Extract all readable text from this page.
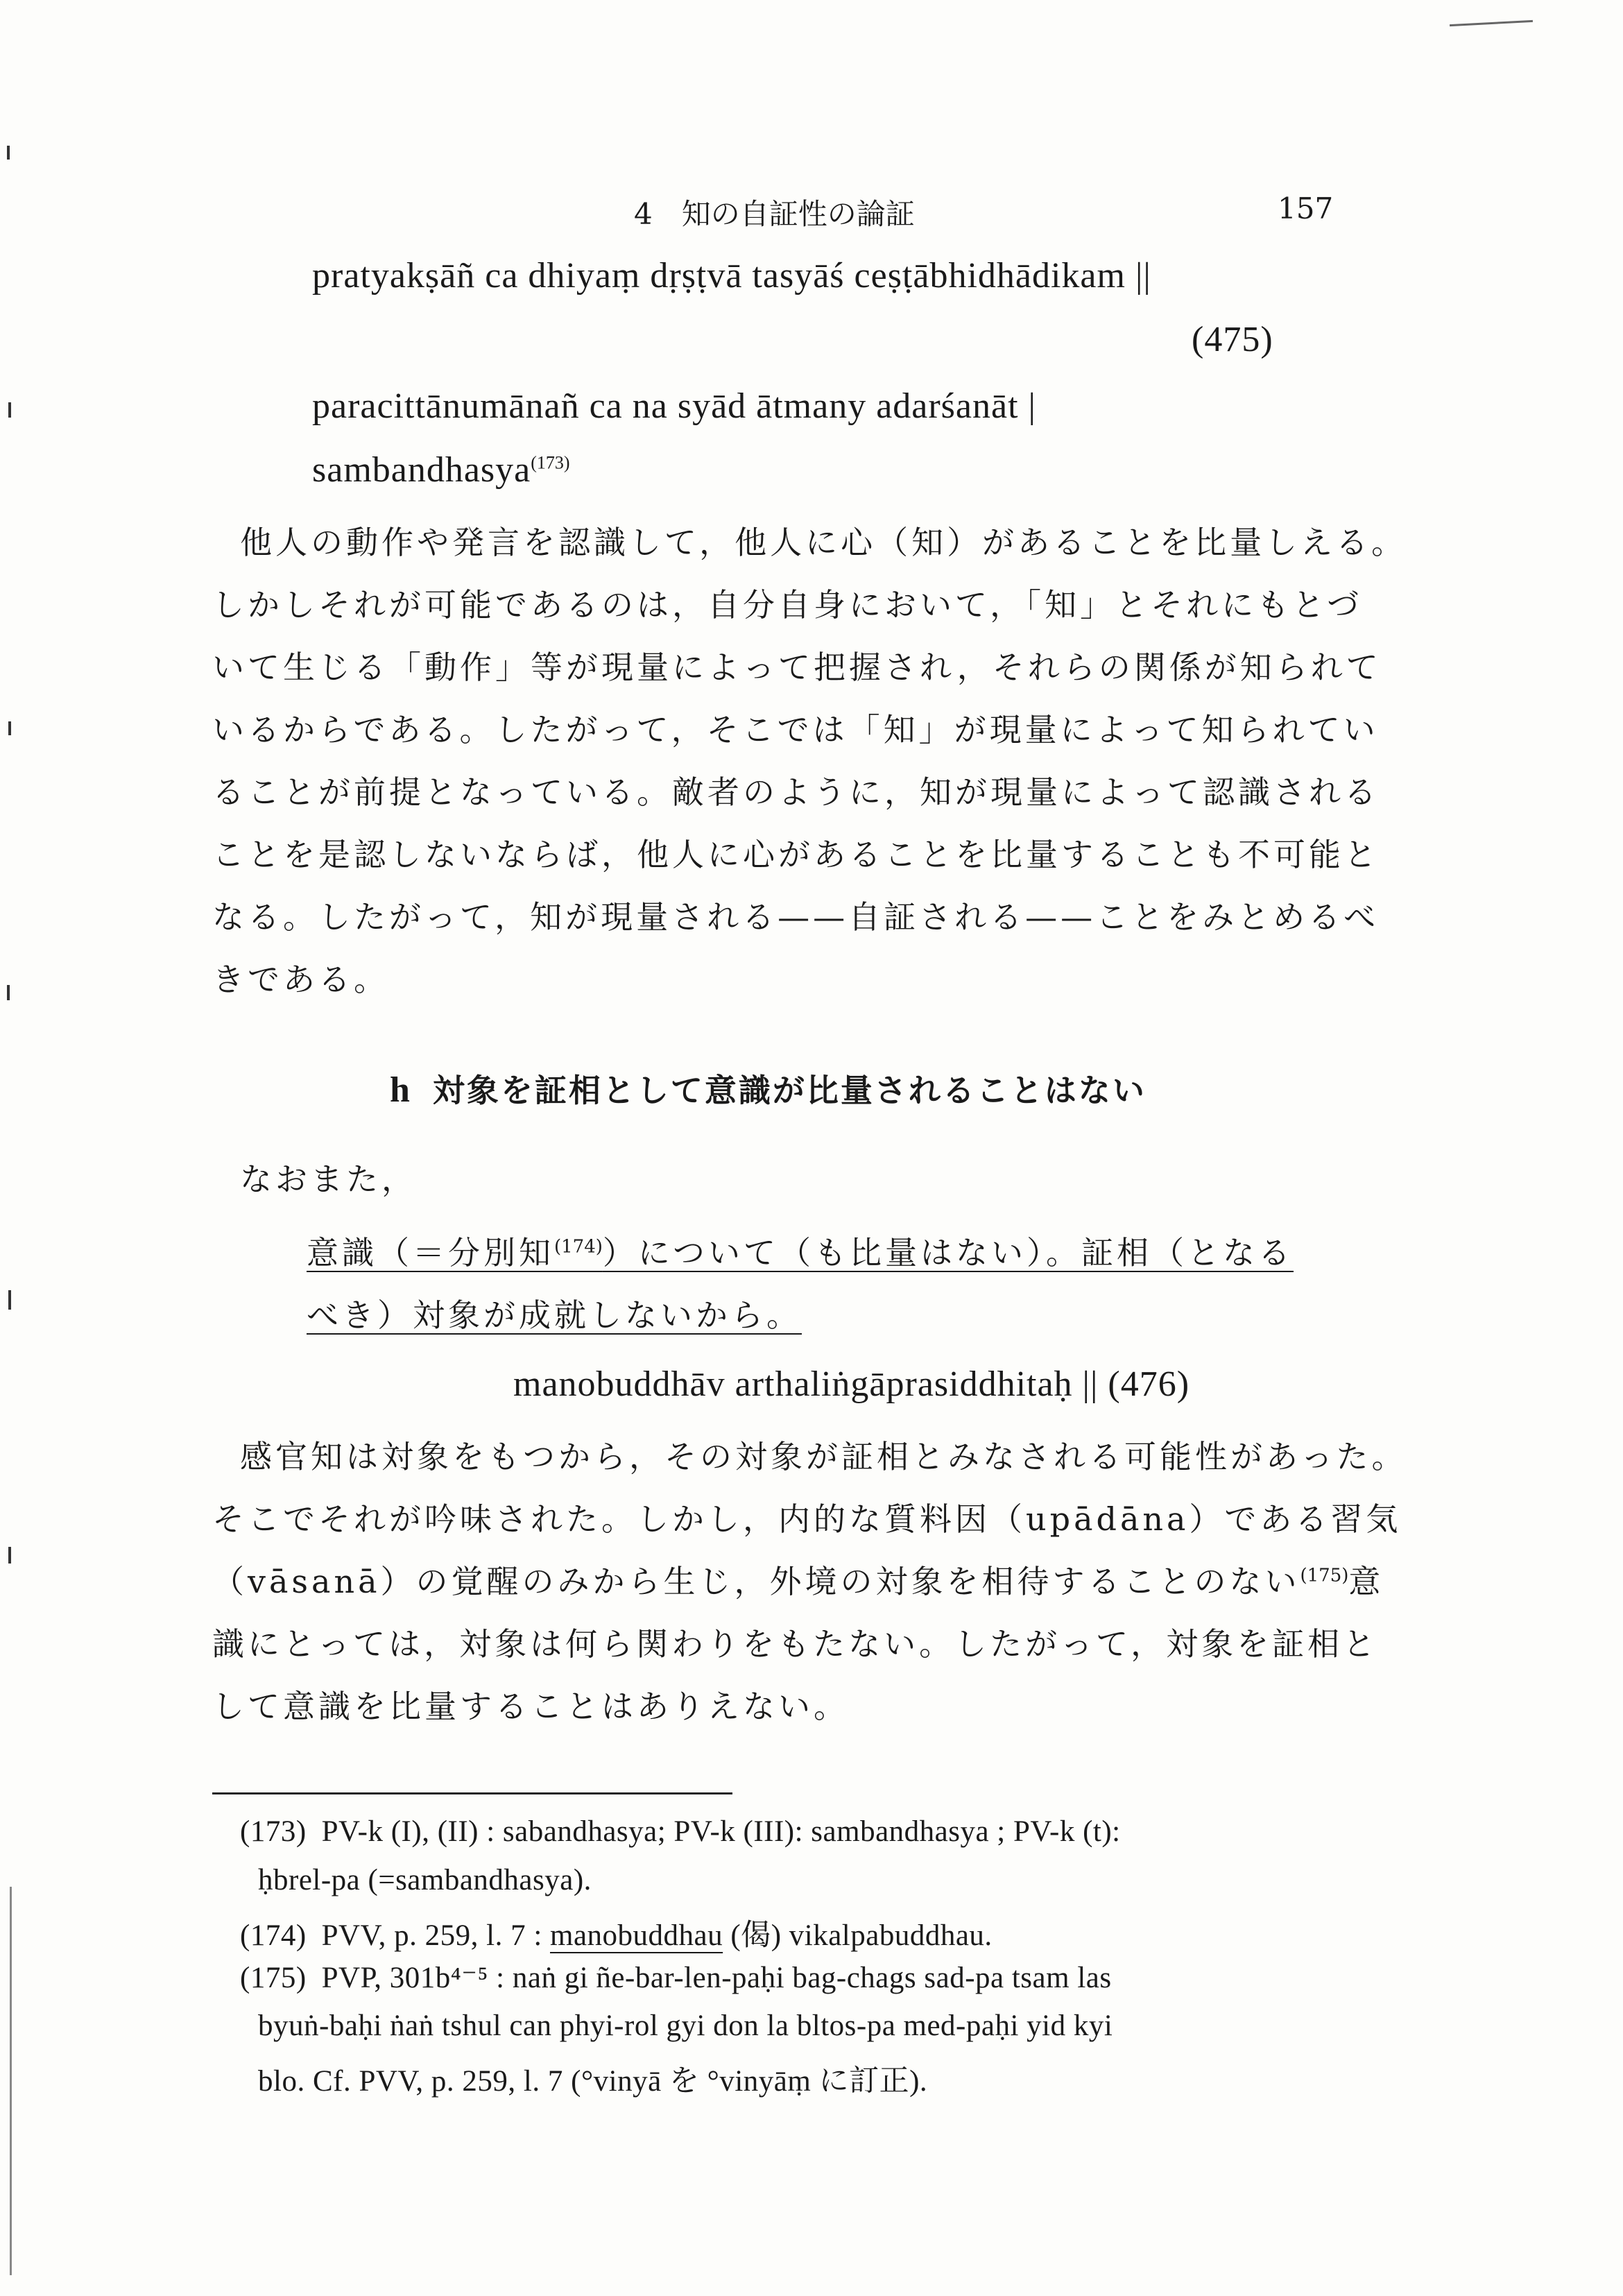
4　知の自証性の論証	157
pratyakṣāñ ca dhiyaṃ dṛṣṭvā tasyāś ceṣṭābhidhādikam ||
(475)
paracittānumānañ ca na syād ātmany adarśanāt |
sambandhasya$^{(173)}$
他人の動作や発言を認識して，他人に心（知）があることを比量しえる。
しかしそれが可能であるのは，自分自身において，「知」とそれにもとづ
いて生じる「動作」等が現量によって把握され，それらの関係が知られて
いるからである。したがって，そこでは「知」が現量によって知られてい
ることが前提となっている。敵者のように，知が現量によって認識される
ことを是認しないならば，他人に心があることを比量することも不可能と
なる。したがって，知が現量される——自証される——ことをみとめるべ
きである。
h 対象を証相として意識が比量されることはない
なおまた，
意識（＝分別知$^{(174)}$）について（も比量はない）。証相（となる
べき）対象が成就しないから。
manobuddhāv arthaliṅgāprasiddhitaḥ || (476)
感官知は対象をもつから，その対象が証相とみなされる可能性があった。
そこでそれが吟味された。しかし，内的な質料因（upādāna）である習気
（vāsanā）の覚醒のみから生じ，外境の対象を相待することのない$^{(175)}$意
識にとっては，対象は何ら関わりをもたない。したがって，対象を証相と
して意識を比量することはありえない。
(173) PV-k (I), (II) : sabandhasya; PV-k (III): sambandhasya ; PV-k (t):
ḥbrel-pa (=sambandhasya).
(174) PVV, p. 259, l. 7 : manobuddhau (偈) vikalpabuddhau.
(175) PVP, 301b⁴⁻⁵ : naṅ gi ñe-bar-len-paḥi bag-chags sad-pa tsam las
byuṅ-baḥi ṅaṅ tshul can phyi-rol gyi don la bltos-pa med-paḥi yid kyi
blo. Cf. PVV, p. 259, l. 7 (°vinyā を °vinyāṃ に訂正).
